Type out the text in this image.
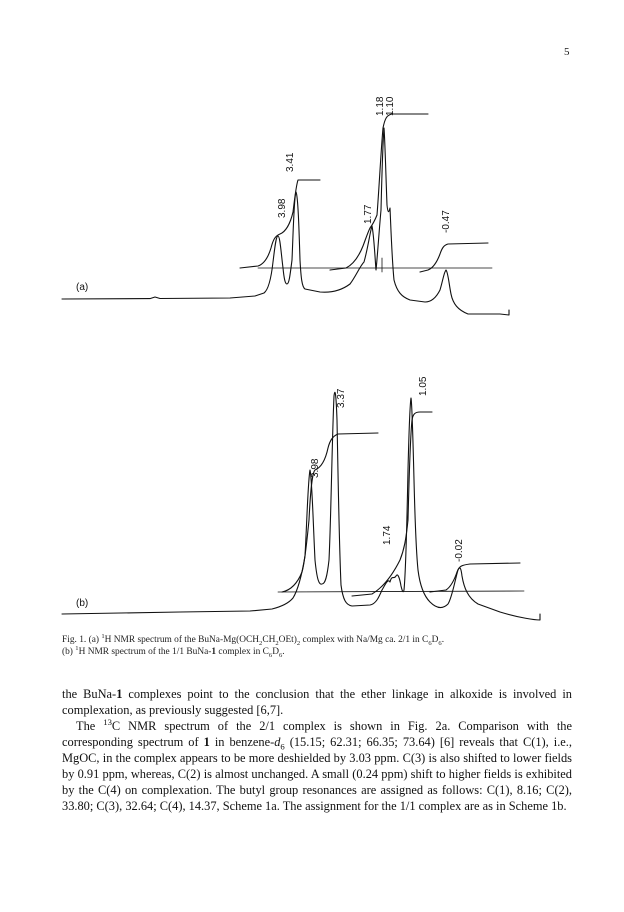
5
(a)
(b)
3.98
3.41
1.77
1.18 1.10
-0.47
3.98
3.37
1.74
1.05
-0.02
Fig. 1. (a) $^1$H NMR spectrum of the BuNa-$Mg(OCH_2CH_2OEt)_2$ complex with Na/Mg ca. 2/1 in $C_6D_6$.
(b) $^1$H NMR spectrum of the 1/1 BuNa-1 complex in $C_6D_6$.

the BuNa-1 complexes point to the conclusion that the ether linkage in alkoxide is involved in complexation, as previously suggested [6,7].

The $^{13}$C NMR spectrum of the 2/1 complex is shown in Fig. 2a. Comparison with the corresponding spectrum of 1 in benzene-$d_6$ (15.15; 62.31; 66.35; 73.64) [6] reveals that C(1), i.e., MgOC, in the complex appears to be more deshielded by 3.03 ppm. C(3) is also shifted to lower fields by 0.91 ppm, whereas, C(2) is almost unchanged. A small (0.24 ppm) shift to higher fields is exhibited by the C(4) on complexation. The butyl group resonances are assigned as follows: C(1), 8.16; C(2), 33.80; C(3), 32.64; C(4), 14.37, Scheme 1a. The assignment for the 1/1 complex are as in Scheme 1b.
